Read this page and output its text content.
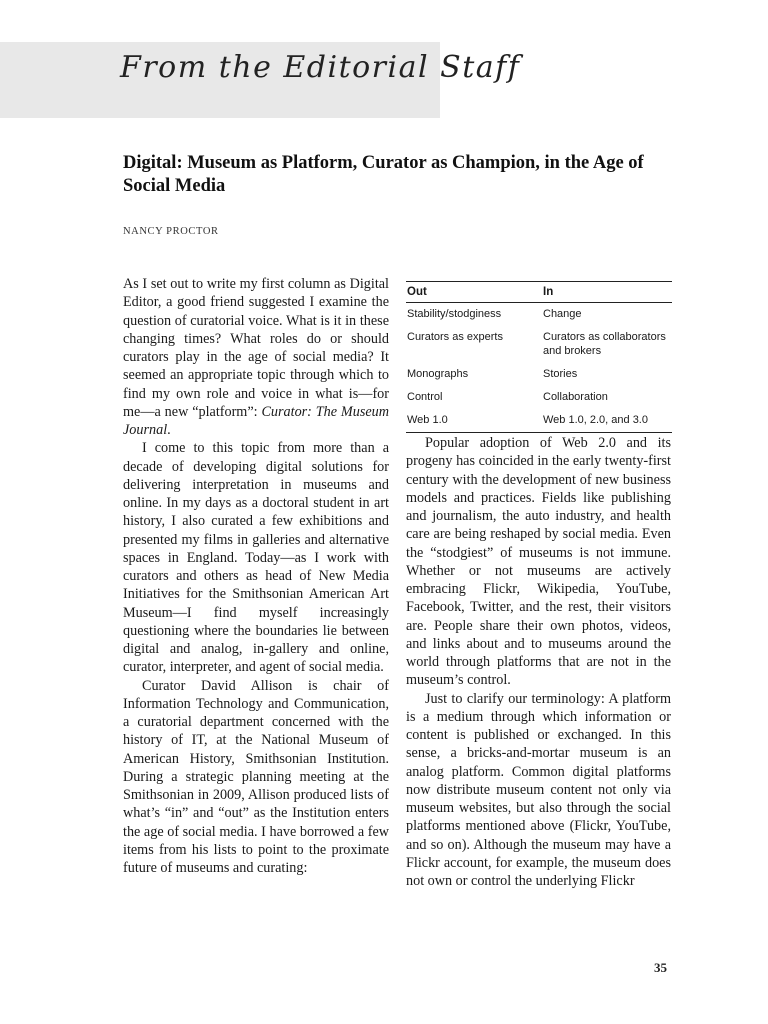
From the Editorial Staff
Digital: Museum as Platform, Curator as Champion, in the Age of Social Media
NANCY PROCTOR

As I set out to write my first column as Digital Editor, a good friend suggested I examine the question of curatorial voice. What is it in these changing times? What roles do or should curators play in the age of social media? It seemed an appropriate topic through which to find my own role and voice in what is—for me—a new “platform”: Curator: The Museum Journal.

I come to this topic from more than a decade of developing digital solutions for delivering interpretation in museums and online. In my days as a doctoral student in art history, I also curated a few exhibitions and presented my films in galleries and alternative spaces in England. Today—as I work with curators and others as head of New Media Initiatives for the Smithsonian American Art Museum—I find myself increasingly questioning where the boundaries lie between digital and analog, in-gallery and online, curator, interpreter, and agent of social media.

Curator David Allison is chair of Information Technology and Communication, a curatorial department concerned with the history of IT, at the National Museum of American History, Smithsonian Institution. During a strategic planning meeting at the Smithsonian in 2009, Allison produced lists of what’s “in” and “out” as the Institution enters the age of social media. I have borrowed a few items from his lists to point to the proximate future of museums and curating:

Out	In
Stability/stodginess	Change
Curators as experts	Curators as collaborators and brokers
Monographs	Stories
Control	Collaboration
Web 1.0	Web 1.0, 2.0, and 3.0

Popular adoption of Web 2.0 and its progeny has coincided in the early twenty-first century with the development of new business models and practices. Fields like publishing and journalism, the auto industry, and health care are being reshaped by social media. Even the “stodgiest” of museums is not immune. Whether or not museums are actively embracing Flickr, Wikipedia, YouTube, Facebook, Twitter, and the rest, their visitors are. People share their own photos, videos, and links about and to museums around the world through platforms that are not in the museum’s control.

Just to clarify our terminology: A platform is a medium through which information or content is published or exchanged. In this sense, a bricks-and-mortar museum is an analog platform. Common digital platforms now distribute museum content not only via museum websites, but also through the social platforms mentioned above (Flickr, YouTube, and so on). Although the museum may have a Flickr account, for example, the museum does not own or control the underlying Flickr

35
